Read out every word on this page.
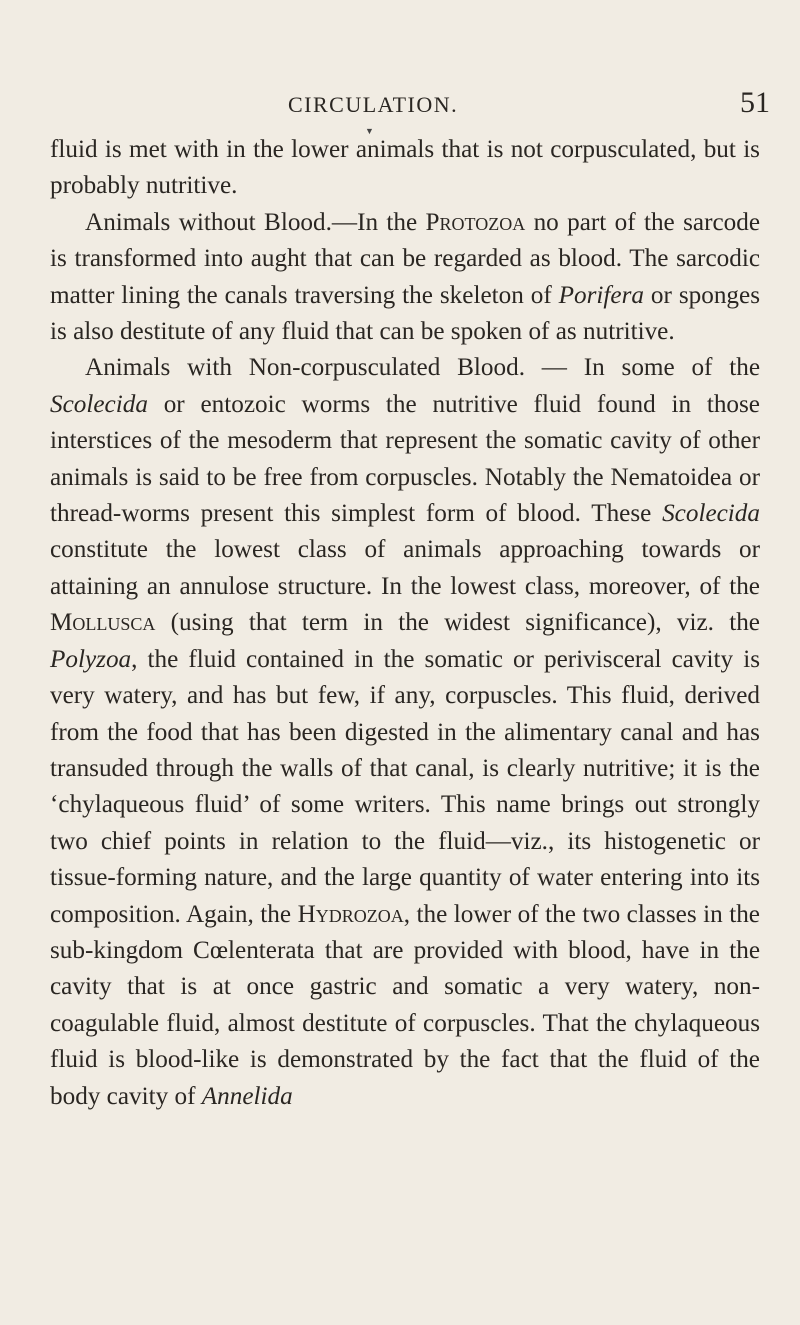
CIRCULATION.	51
▼

fluid is met with in the lower animals that is not corpusculated, but is probably nutritive.

Animals without Blood.—In the Protozoa no part of the sarcode is transformed into aught that can be regarded as blood. The sarcodic matter lining the canals traversing the skeleton of Porifera or sponges is also destitute of any fluid that can be spoken of as nutritive.

Animals with Non-corpusculated Blood. — In some of the Scolecida or entozoic worms the nutritive fluid found in those interstices of the mesoderm that represent the somatic cavity of other animals is said to be free from corpuscles. Notably the Nematoidea or thread-worms present this simplest form of blood. These Scolecida constitute the lowest class of animals approaching towards or attaining an annulose structure. In the lowest class, moreover, of the Mollusca (using that term in the widest significance), viz. the Polyzoa, the fluid contained in the somatic or perivisceral cavity is very watery, and has but few, if any, corpuscles. This fluid, derived from the food that has been digested in the alimentary canal and has transuded through the walls of that canal, is clearly nutritive; it is the ‘chylaqueous fluid’ of some writers. This name brings out strongly two chief points in relation to the fluid—viz., its histogenetic or tissue-forming nature, and the large quantity of water entering into its composition. Again, the Hydrozoa, the lower of the two classes in the sub-kingdom Cœlenterata that are provided with blood, have in the cavity that is at once gastric and somatic a very watery, non-coagulable fluid, almost destitute of corpuscles. That the chylaqueous fluid is blood-like is demonstrated by the fact that the fluid of the body cavity of Annelida
